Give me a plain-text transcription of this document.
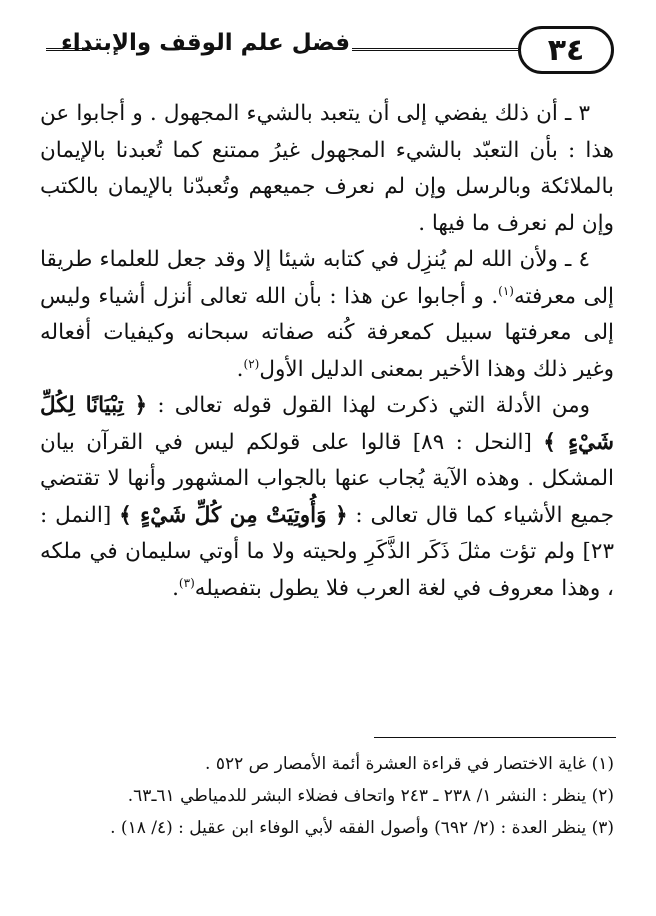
فضل علم الوقف والإبتداء	٣٤

٣ ـ أن ذلك يفضي إلى أن يتعبد بالشيء المجهول . و أجابوا عن هذا : بأن التعبّد بالشيء المجهول غيرُ ممتنع كما تُعبدنا بالإيمان بالملائكة وبالرسل وإن لم نعرف جميعهم وتُعبدّنا بالإيمان بالكتب وإن لم نعرف ما فيها .

٤ ـ ولأن الله لم يُنزِل في كتابه شيئا إلا وقد جعل للعلماء طريقا إلى معرفته$^{(١)}$. و أجابوا عن هذا : بأن الله تعالى أنزل أشياء وليس إلى معرفتها سبيل كمعرفة كُنه صفاته سبحانه وكيفيات أفعاله وغير ذلك وهذا الأخير بمعنى الدليل الأول$^{(٢)}$.

ومن الأدلة التي ذكرت لهذا القول قوله تعالى : ﴿ تِبْيَانًا لِكُلِّ شَيْءٍ ﴾ [النحل : ٨٩] قالوا على قولكم ليس في القرآن بيان المشكل . وهذه الآية يُجاب عنها بالجواب المشهور وأنها لا تقتضي جميع الأشياء كما قال تعالى : ﴿ وَأُوتِيَتْ مِن كُلِّ شَيْءٍ ﴾ [النمل : ٢٣] ولم تؤت مثلَ ذَكَر الذَّكَرِ ولحيته ولا ما أوتي سليمان في ملكه ، وهذا معروف في لغة العرب فلا يطول بتفصيله$^{(٣)}$.

(١) غاية الاختصار في قراءة العشرة أئمة الأمصار ص ٥٢٢ .
(٢) ينظر : النشر ١/ ٢٣٨ ـ ٢٤٣ واتحاف فضلاء البشر للدمياطي ٦١ـ٦٣.
(٣) ينظر العدة : (٢/ ٦٩٢) وأصول الفقه لأبي الوفاء ابن عقيل : (٤/ ١٨) .
